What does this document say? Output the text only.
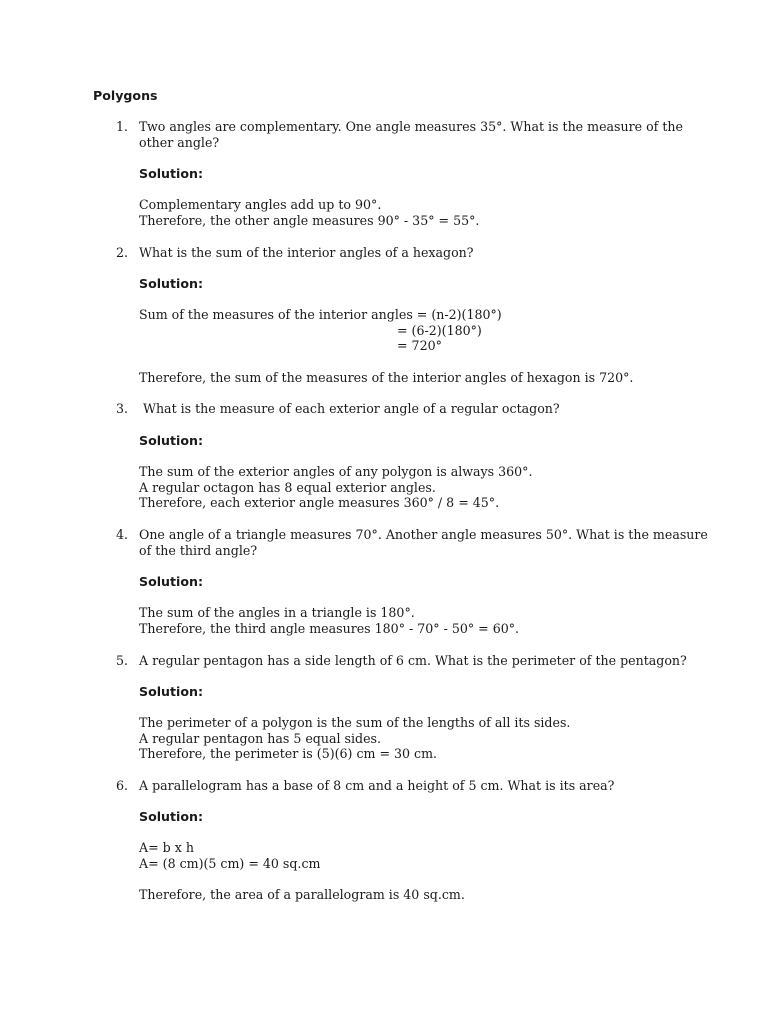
Polygons
1. Two angles are complementary. One angle measures 35°. What is the measure of the
other angle?
Solution:
Complementary angles add up to 90°.
Therefore, the other angle measures 90° - 35° = 55°.
2. What is the sum of the interior angles of a hexagon?
Solution:
Sum of the measures of the interior angles = (n-2)(180°)

= (6-2)(180°)

= 720°

Therefore, the sum of the measures of the interior angles of hexagon is 720°.
3. What is the measure of each exterior angle of a regular octagon?
Solution:
The sum of the exterior angles of any polygon is always 360°.
A regular octagon has 8 equal exterior angles.
Therefore, each exterior angle measures 360° / 8 = 45°.
4. One angle of a triangle measures 70°. Another angle measures 50°. What is the measure
of the third angle?
Solution:
The sum of the angles in a triangle is 180°.
Therefore, the third angle measures 180° - 70° - 50° = 60°.
5. A regular pentagon has a side length of 6 cm. What is the perimeter of the pentagon?
Solution:
The perimeter of a polygon is the sum of the lengths of all its sides.
A regular pentagon has 5 equal sides.
Therefore, the perimeter is (5)(6) cm = 30 cm.
6. A parallelogram has a base of 8 cm and a height of 5 cm. What is its area?
Solution:
A= b x h
A= (8 cm)(5 cm) = 40 sq.cm
Therefore, the area of a parallelogram is 40 sq.cm.
